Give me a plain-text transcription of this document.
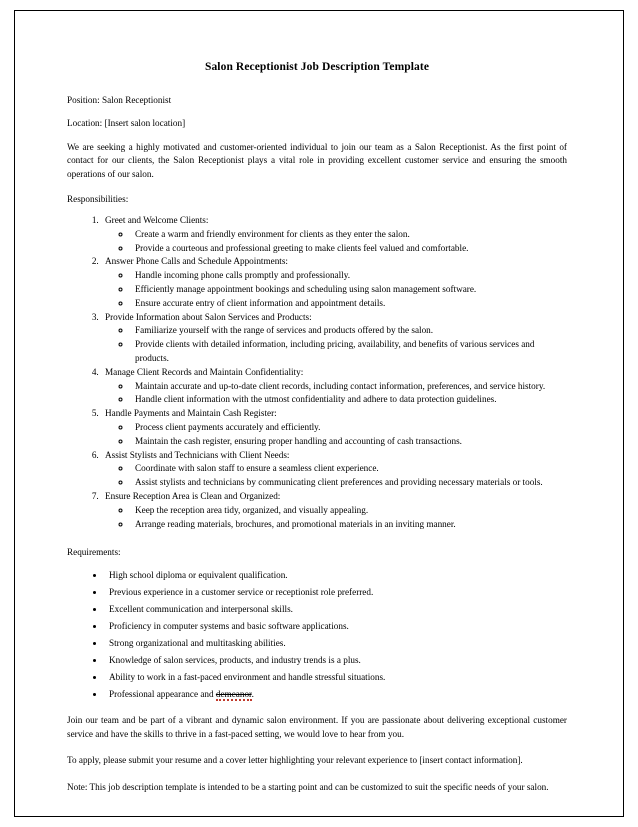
Salon Receptionist Job Description Template
Position: Salon Receptionist
Location: [Insert salon location]
We are seeking a highly motivated and customer-oriented individual to join our team as a Salon Receptionist. As the first point of contact for our clients, the Salon Receptionist plays a vital role in providing excellent customer service and ensuring the smooth operations of our salon.
Responsibilities:
1. Greet and Welcome Clients:
◦ Create a warm and friendly environment for clients as they enter the salon.
◦ Provide a courteous and professional greeting to make clients feel valued and comfortable.
2. Answer Phone Calls and Schedule Appointments:
◦ Handle incoming phone calls promptly and professionally.
◦ Efficiently manage appointment bookings and scheduling using salon management software.
◦ Ensure accurate entry of client information and appointment details.
3. Provide Information about Salon Services and Products:
◦ Familiarize yourself with the range of services and products offered by the salon.
◦ Provide clients with detailed information, including pricing, availability, and benefits of various services and products.
4. Manage Client Records and Maintain Confidentiality:
◦ Maintain accurate and up-to-date client records, including contact information, preferences, and service history.
◦ Handle client information with the utmost confidentiality and adhere to data protection guidelines.
5. Handle Payments and Maintain Cash Register:
◦ Process client payments accurately and efficiently.
◦ Maintain the cash register, ensuring proper handling and accounting of cash transactions.
6. Assist Stylists and Technicians with Client Needs:
◦ Coordinate with salon staff to ensure a seamless client experience.
◦ Assist stylists and technicians by communicating client preferences and providing necessary materials or tools.
7. Ensure Reception Area is Clean and Organized:
◦ Keep the reception area tidy, organized, and visually appealing.
◦ Arrange reading materials, brochures, and promotional materials in an inviting manner.
Requirements:
• High school diploma or equivalent qualification.
• Previous experience in a customer service or receptionist role preferred.
• Excellent communication and interpersonal skills.
• Proficiency in computer systems and basic software applications.
• Strong organizational and multitasking abilities.
• Knowledge of salon services, products, and industry trends is a plus.
• Ability to work in a fast-paced environment and handle stressful situations.
• Professional appearance and demeanor.
Join our team and be part of a vibrant and dynamic salon environment. If you are passionate about delivering exceptional customer service and have the skills to thrive in a fast-paced setting, we would love to hear from you.
To apply, please submit your resume and a cover letter highlighting your relevant experience to [insert contact information].
Note: This job description template is intended to be a starting point and can be customized to suit the specific needs of your salon.
